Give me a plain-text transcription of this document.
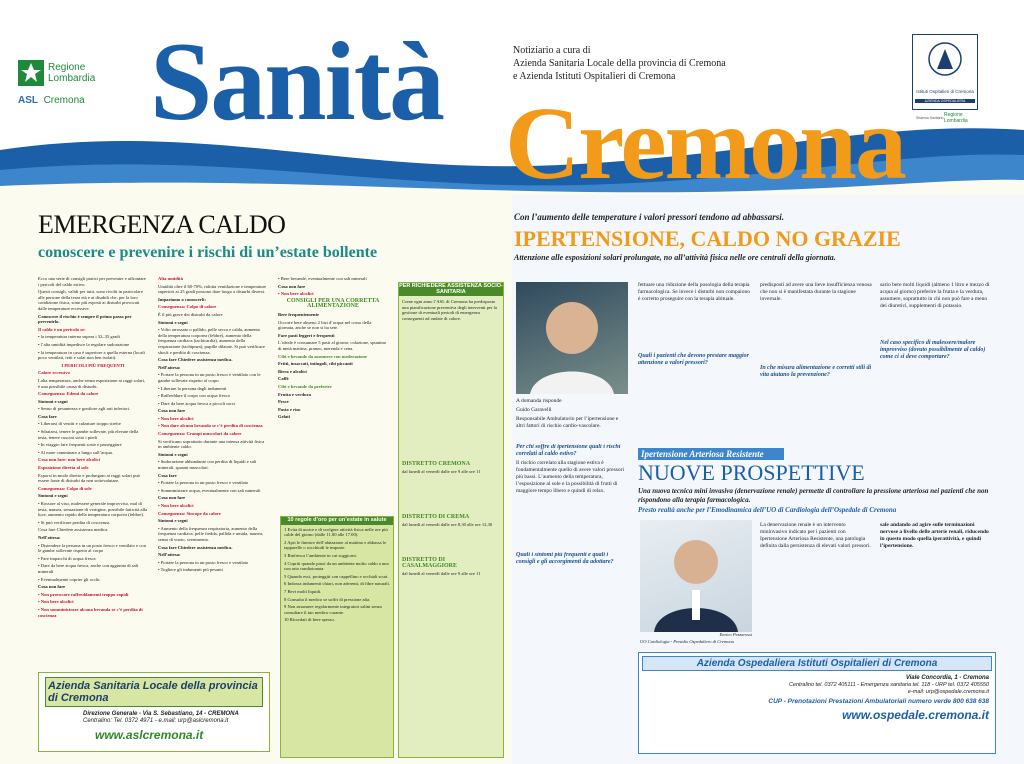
Regione
Lombardia
ASL Cremona Sanità Cremona
Notiziario a cura di
Azienda Sanitaria Locale della provincia di Cremona
e Azienda Istituti Ospitalieri di Cremona
Istituti Ospitalieri di Cremona
AZIENDA OSPEDALIERA
Sistema Sanitario Regione
Lombardia
EMERGENZA CALDO
conoscere e prevenire i rischi di un’estate bollente

Ecco una serie di consigli pratici per prevenire e affrontare i pericoli del caldo estivo.

Questi consigli, validi per tutti, sono rivolti in particolare alle persone della terza età e ai disabili che, per la loro condizione fisica, sono più esposti ai disturbi provocati dalle temperature eccessive.

Conoscere il rischio è sempre il primo passo per prevenirlo.

Il caldo è un pericolo se:

• la temperatura interna supera i 32–35 gradi

• l’alta umidità impedisce la regolare sudorazione

• la temperatura in casa è superiore a quella esterna (locali poco ventilati, tetti e solai non ben isolati).

I PERICOLI PIÙ FREQUENTI

Calore eccessivo

Lalta temperatura, anche senza esposizione ai raggi solari, è una possibile causa di disturbi.

Conseguenza: Edemi da calore

Sintomi e segni

• Senso di pesantezza e gonfiore agli arti inferiori.

Cosa fare

• Liberarsi di vestiti e calzature troppo strette

• Sdraiarsi, tenere le gambe sollevate, più elevate della testa, tenere cuscini sotto i piedi

• In viaggio fare frequenti soste e passeggiare

• Al mare camminare a lungo sull’acqua.

Cosa non fare: non bere alcolici

Esposizione diretta al sole

Esporsi in modo diretto e prolungato ai raggi solari può essere fonte di disturbi da non sottovalutare.

Conseguenza: Colpo di sole

Sintomi e segni

• Rossore al viso, malessere generale improvviso, mal di testa, nausea, sensazione di vertigine, possibile fatticità alla luce, aumento rapido della temperatura corporea (febbre).

• Si può verificare perdita di coscienza.

Cosa fare Chiedere assistenza medica.

Nell’attesa:

• Distendere la persona in un posto fresco e ventilato e con le gambe sollevate rispetto al corpo

• Fare impacchi di acqua fresca

• Dare da bere acqua fresca, anche con aggiunta di sali minerali

• Eventualmente coprire gli occhi.

Cosa non fare

• Non provocare raffreddamenti troppo rapidi

• Non bere alcolici

• Non somministrare alcuna bevanda se c’è perdita di coscienza

Alta umidità

Umidità oltre il 60-70%, ridotta ventilazione e temperature superiori ai 25 gradi possono dare luogo a disturbi diversi.

Impariamo a conoscerli:

Conseguenza: Colpo di calore

È il più grave dei disturbi da calore

Sintomi e segni

• Volto arrossato o pallido, pelle secca e calda, aumento della temperatura corporea (febbre), aumento della frequenza cardiaca (tachicardia), aumento della respirazione (tachipnea), pupille dilatate. Si può verificare shock e perdita di coscienza.

Cosa fare Chiedere assistenza medica.

Nell’attesa:

• Portare la persona in un posto fresco e ventilato con le gambe sollevate rispetto al corpo

• Liberare la persona dagli indumenti

• Raffreddare il corpo con acqua fresca

• Dare da bere acqua fresca a piccoli sorsi

Cosa non fare

• Non bere alcolici

• Non dare alcuna bevanda se c’è perdita di coscienza

Conseguenza: Crampi muscolari da calore

Si verificano soprattutto durante una intensa attività fisica in ambiente caldo.

Sintomi e segni

• Sudorazione abbondante con perdita di liquidi e sali minerali, spasmi muscolari.

Cosa fare

• Portare la persona in un posto fresco e ventilato

• Somministrare acqua, eventualmente con sali minerali

Cosa non fare

• Non bere alcolici

Conseguenza: Sincope da calore

Sintomi e segni

• Aumento della frequenza respiratoria, aumento della frequenza cardiaca, pelle fredda, pallida e umida, nausea, senso di vuoto, svenimento.

Cosa fare Chiedere assistenza medica.

Nell’attesa:

• Portare la persona in un posto fresco e ventilato

• Togliere gli indumenti più pesanti

• Bere bevande, eventualmente con sali minerali

Cosa non fare

• Non bere alcolici

CONSIGLI PER UNA CORRETTA ALIMENTAZIONE

Bere frequentemente

Occorre bere almeno 2 litri d’acqua nel corso della giornata, anche se non si ha sete.

Fare pasti leggeri e frequenti

L’ideale è consumare 5 pasti al giorno: colazione, spuntino di metà mattina, pranzo, merenda e cena.

Cibi e bevande da assumere con moderazione

Fritti, insaccati, intingoli, cibi piccanti

Birra e alcolici

Caffè

Cibi e bevande da preferire

Frutta e verdura

Pesce

Pasta e riso

Gelati

10 regole d’oro per un’estate in salute

1 Evita di uscire e di svolgere attività fisica nelle ore più calde del giorno (dalle 11.00 alle 17.00).

2 Apri le finestre dell’abitazione al mattino e abbassa le tapparelle o socchiudi le imposte.

3 Rinfresca l’ambiente in cui soggiorni.

4 Copriti quando passi da un ambiente molto caldo a uno con aria condizionata.

5 Quando esci, proteggiti con cappellino e occhiali scuri.

6 Indossa indumenti chiari, non aderenti, di fibre naturali.

7 Bevi molti liquidi.

8 Consulta il medico se soffri di pressione alta.

9 Non assumere regolarmente integratori salini senza consultare il tuo medico curante.

10 Ricordati di bere spesso.

PER RICHIEDERE ASSISTENZA SOCIO-SANITARIA

Come ogni anno l’ASL di Cremona ha predisposto una pianificazione preventiva degli interventi per la gestione di eventuali periodi di emergenza conseguenti ad ondate di calore.

DISTRETTO CREMONA

dal lunedì al venerdì dalle ore 9 alle ore 11

DISTRETTO DI CREMA

dal lunedì al venerdì dalle ore 8,30 alle ore 12,30

DISTRETTO DI CASALMAGGIORE

dal lunedì al venerdì dalle ore 9 alle ore 11

Azienda Sanitaria Locale della provincia di Cremona
Direzione Generale - Via S. Sebastiano, 14 - CREMONA
Centralino: Tel. 0372 4971 - e.mail: urp@aslcremona.it
www.aslcremona.it
Con l’aumento delle temperature i valori pressori tendono ad abbassarsi.
IPERTENSIONE, CALDO NO GRAZIE
Attenzione alle esposizioni solari prolungate, no all’attività fisica nelle ore centrali della giornata.

A domanda risponde

Guido Garavelli

Responsabile Ambulatorio per l’ipertensione e altri fattori di rischio cardio-vascolare.

Per chi soffre di ipertensione quali i rischi correlati al caldo estivo?

Il rischio correlato alla stagione estiva è fondamentalmente quello di avere valori pressori più bassi. L’aumento della temperatura, l’esposizione al sole e la possibilità di frutti di maggiore tempo libero e quindi di relax.

fettuare una riduzione della posologia della terapia farmacologica. Se invece i disturbi non compaiono è corretto proseguire con la terapia abituale.

Quali i pazienti che devono prestare maggior attenzione a valori pressori?

predisposti ad avere una lieve insufficienza venosa che non si è manifestata durante la stagione invernale.

In che misura alimentazione e corretti stili di vita aiutano la prevenzione?

sario bere molti liquidi (almeno 1 litro e mezzo di acqua al giorno) preferire la frutta e la verdura, assumere, soprattutto in chi non può fare a meno dei diuretici, supplementi di potassio.

Nel caso specifico di malessere/malore improvviso (dovuto possibilmente al caldo) come ci si deve comportare?

Ipertensione Arteriosa Resistente
NUOVE PROSPETTIVE
Una nuova tecnica mini invasiva (denervazione renale) permette di controllare la pressione arteriosa nei pazienti che non rispondono alla terapia farmacologica.
Presto realtà anche per l’Emodinamica dell’UO di Cardiologia dell’Ospedale di Cremona

Quali i sintomi più frequenti e quali i consigli e gli accorgimenti da adottare?

Enrico Pezzarossi
UO Cardiologia - Presidio Ospedaliero di Cremona
La denervazione renale è un intervento mininvasivo indicato per i pazienti con Ipertensione Arteriosa Resistente, una patologia definita dalla persistenza di elevati valori pressori.
sale andando ad agire sulle terminazioni nervose a livello delle arterie renali, riducendo in questo modo quella iperattività, e quindi l’ipertensione.
Azienda Ospedaliera Istituti Ospitalieri di Cremona
Viale Concordia, 1 - Cremona
Centralino tel. 0372 405111 - Emergenza sanitaria tel. 118 - URP tel. 0372 405550
e-mail: urp@ospedale.cremona.it
CUP - Prenotazioni Prestazioni Ambulatoriali numero verde 800 638 638
www.ospedale.cremona.it
